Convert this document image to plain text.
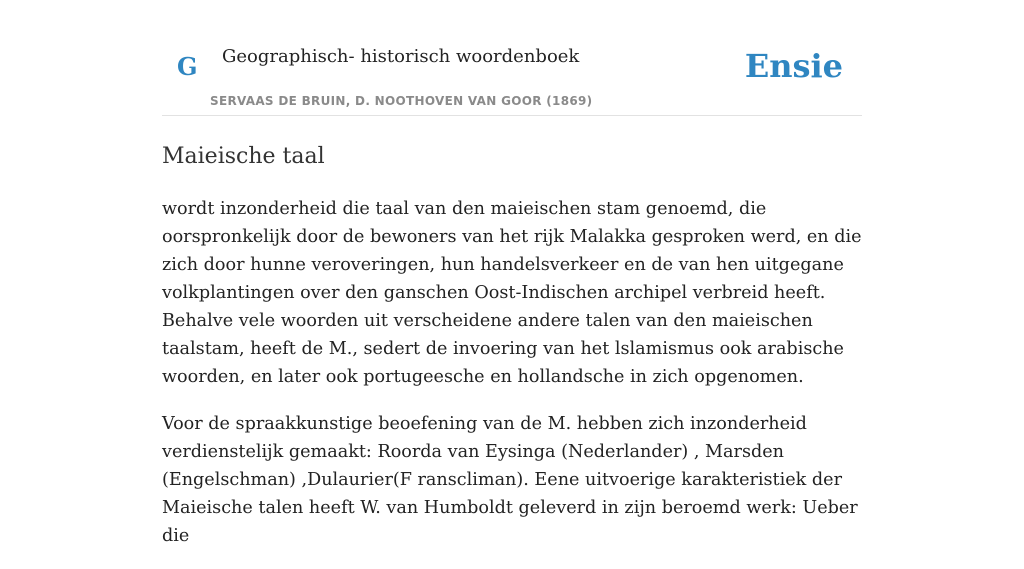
G Geographisch- historisch woordenboek
SERVAAS DE BRUIN, D. NOOTHOVEN VAN GOOR (1869)
Ensie
Maieische taal

wordt inzonderheid die taal van den maieischen stam genoemd, die oorspronkelijk door de bewoners van het rijk Malakka gesproken werd, en die zich door hunne veroveringen, hun handelsverkeer en de van hen uitgegane volkplantingen over den ganschen Oost-Indischen archipel verbreid heeft. Behalve vele woorden uit verscheidene andere talen van den maieischen taalstam, heeft de M., sedert de invoering van het lslamismus ook arabische woorden, en later ook portugeesche en hollandsche in zich opgenomen.

Voor de spraakkunstige beoefening van de M. hebben zich inzonderheid verdienstelijk gemaakt: Roorda van Eysinga (Nederlander) , Marsden (Engelschman) ,Dulaurier(F ranscliman). Eene uitvoerige karakteristiek der Maieische talen heeft W. van Humboldt geleverd in zijn beroemd werk: Ueber die
